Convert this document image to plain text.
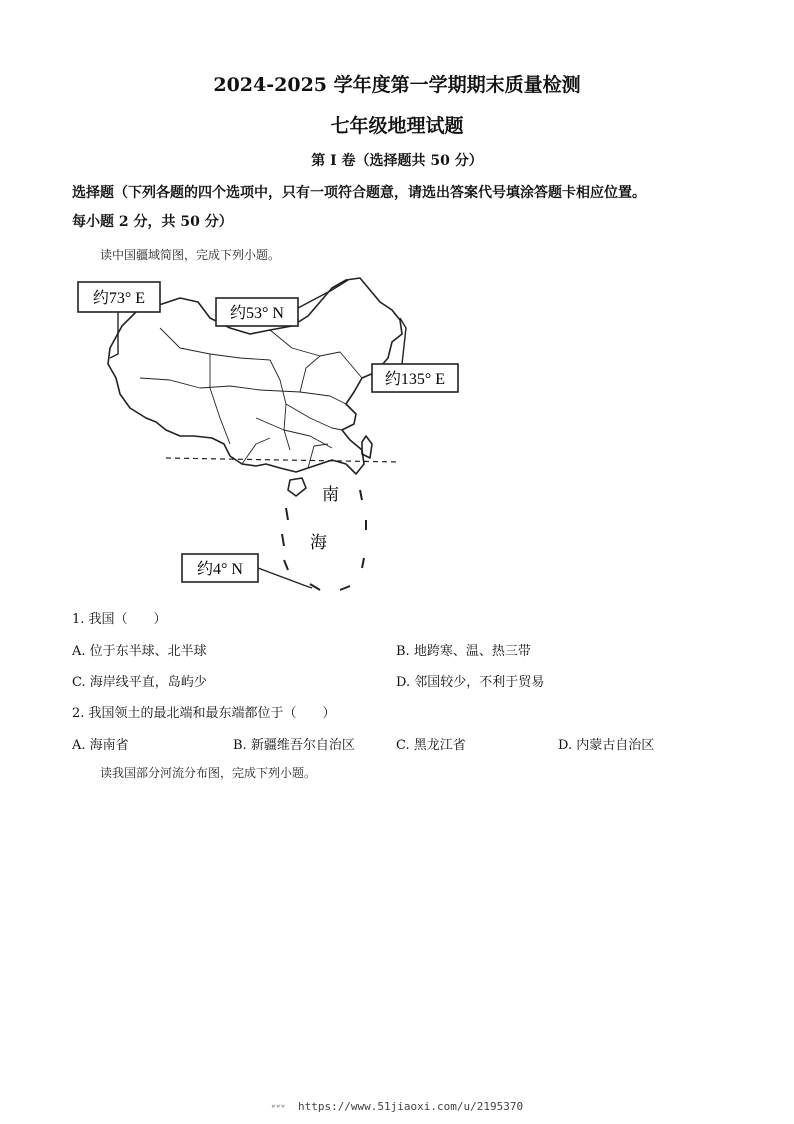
2024-2025 学年度第一学期期末质量检测
七年级地理试题
第 I 卷（选择题共 50 分）
选择题（下列各题的四个选项中，只有一项符合题意，请选出答案代号填涂答题卡相应位置。
每小题 2 分，共 50 分）
读中国疆域简图，完成下列小题。
约73° E
约53° N
约135° E
约4° N
南
海
1. 我国（　　）
A. 位于东半球、北半球	B. 地跨寒、温、热三带
C. 海岸线平直，岛屿少	D. 邻国较少，不利于贸易
2. 我国领土的最北端和最东端都位于（　　）
A. 海南省	B. 新疆维吾尔自治区	C. 黑龙江省	D. 内蒙古自治区
读我国部分河流分布图，完成下列小题。
ᵂᵂᵂ https://www.51jiaoxi.com/u/2195370
